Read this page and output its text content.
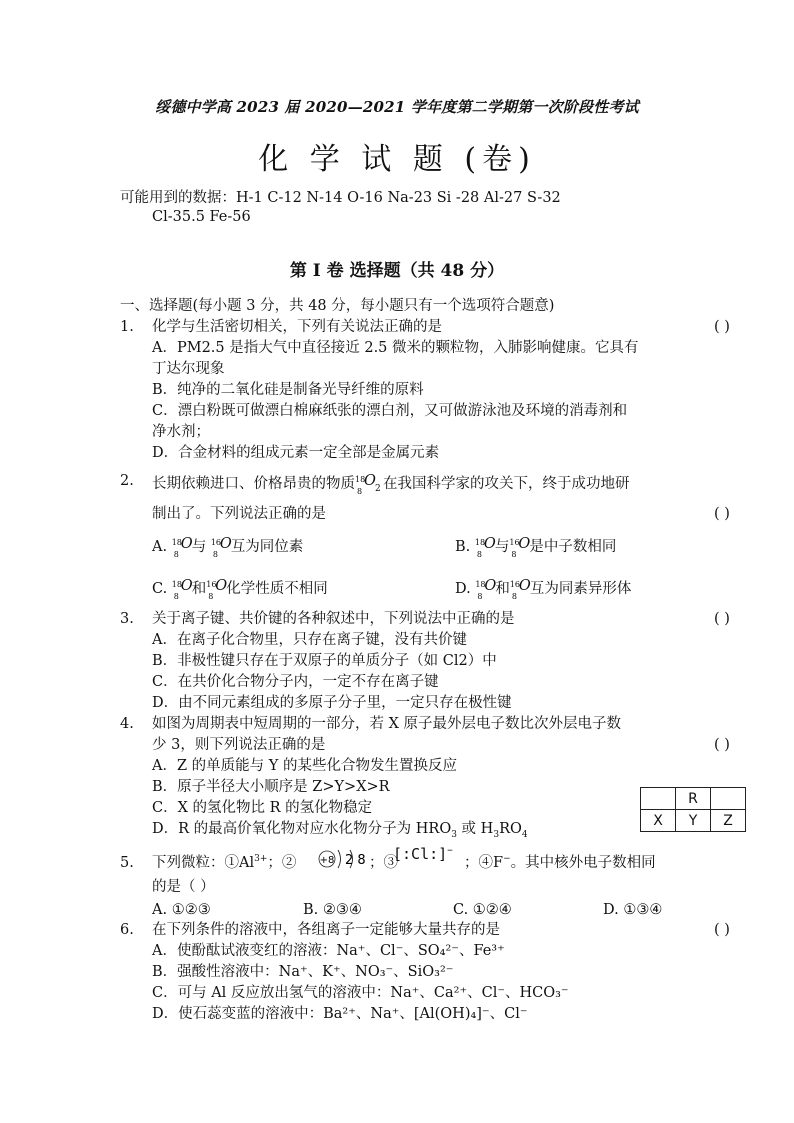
绥德中学高 2023 届 2020—2021 学年度第二学期第一次阶段性考试
化 学 试 题 (卷)
可能用到的数据：H-1 C-12 N-14 O-16 Na-23 Si -28 Al-27 S-32
Cl-35.5 Fe-56
第 I 卷 选择题（共 48 分）
一、选择题(每小题 3 分，共 48 分，每小题只有一个选项符合题意)
1. 化学与生活密切相关，下列有关说法正确的是	( )
A．PM2.5 是指大气中直径接近 2.5 微米的颗粒物，入肺影响健康。它具有
丁达尔现象
B．纯净的二氧化硅是制备光导纤维的原料
C．漂白粉既可做漂白棉麻纸张的漂白剂，又可做游泳池及环境的消毒剂和
净水剂；
D．合金材料的组成元素一定全部是金属元素
2. 长期依赖进口、价格昂贵的物质 18
8
O 2 在我国科学家的攻关下，终于成功地研
制出了。下列说法正确的是	( )
A. 18
8
O 与 16
8
O 互为同位素	B. 18
8
O 与 16
8
O 是中子数相同
C. 18
8
O 和 16
8
O 化学性质不相同	D. 18
8
O 和 16
8
O 互为同素异形体
3. 关于离子键、共价键的各种叙述中，下列说法中正确的是	( )
A．在离子化合物里，只存在离子键，没有共价键
B．非极性键只存在于双原子的单质分子（如 Cl2）中
C．在共价化合物分子内，一定不存在离子键
D．由不同元素组成的多原子分子里，一定只存在极性键
4. 如图为周期表中短周期的一部分，若 X 原子最外层电子数比次外层电子数
少 3，则下列说法正确的是	( )
A．Z 的单质能与 Y 的某些化合物发生置换反应
B．原子半径大小顺序是 Z>Y>X>R
C．X 的氢化物比 R 的氢化物稳定
D．R 的最高价氧化物对应水化物分子为 $HRO_3$ 或 $H_3RO_4$
	R	
X	Y	Z
5. 下列微粒：$①Al^{3+}$；② +8 2 8 ；③
[:Cl:]−
；④F−。其中核外电子数相同
的是（ ）
A. ①②③	B. ②③④	C. ①②④	D. ①③④
6. 在下列条件的溶液中，各组离子一定能够大量共存的是	( )
A．使酚酞试液变红的溶液：Na⁺、Cl⁻、SO₄²⁻、Fe³⁺
B．强酸性溶液中：Na⁺、K⁺、NO₃⁻、SiO₃²⁻
C．可与 Al 反应放出氢气的溶液中：Na⁺、Ca²⁺、Cl⁻、HCO₃⁻
D．使石蕊变蓝的溶液中：Ba²⁺、Na⁺、[Al(OH)₄]⁻、Cl⁻
